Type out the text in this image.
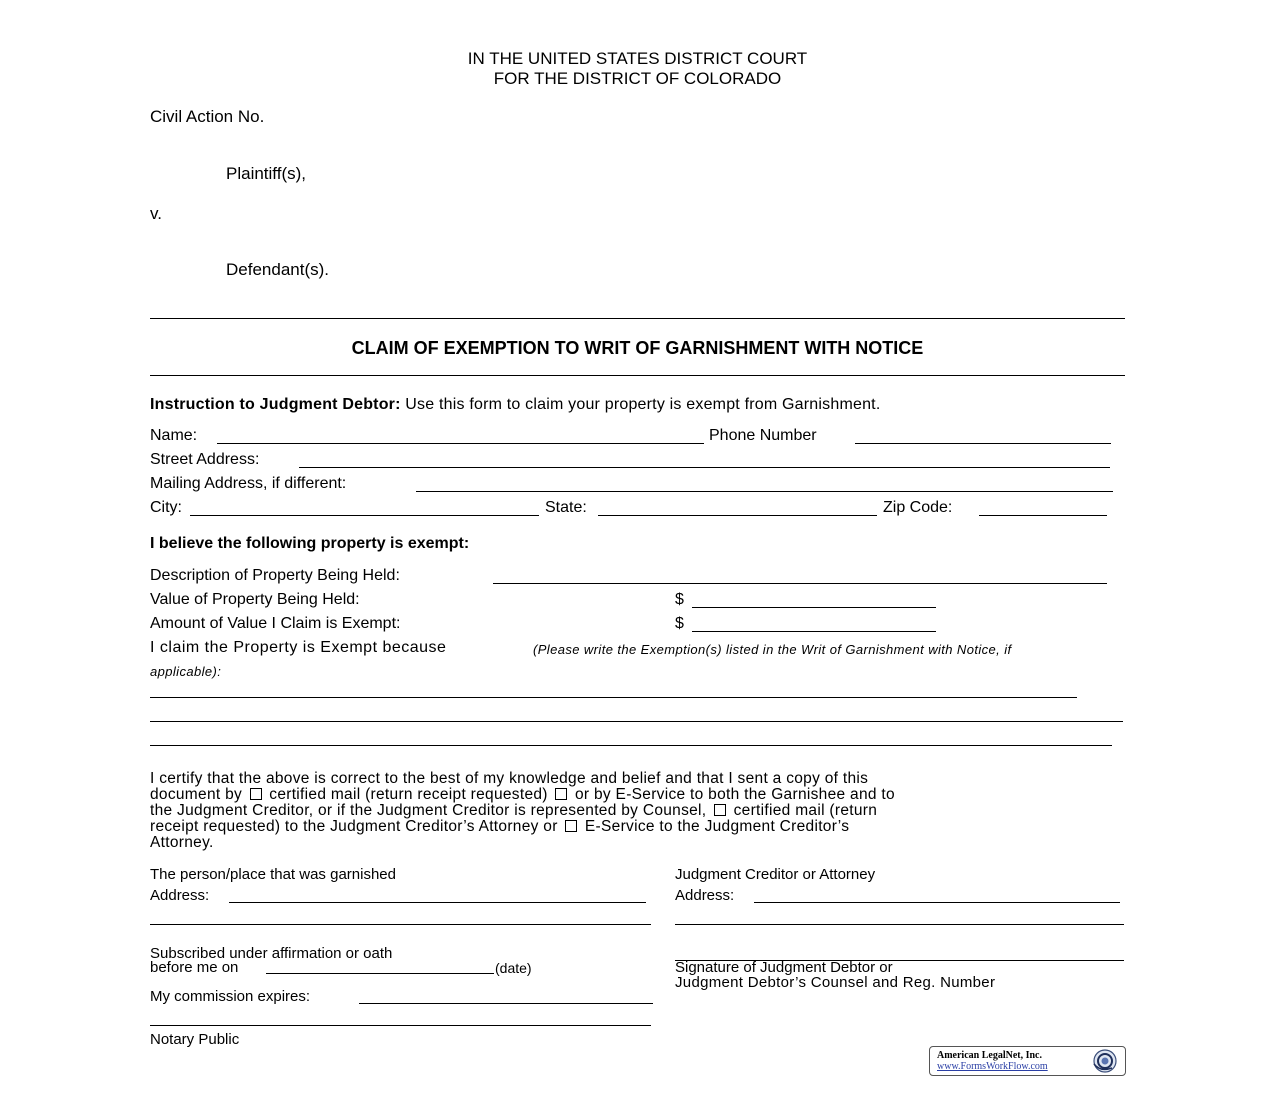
IN THE UNITED STATES DISTRICT COURT
FOR THE DISTRICT OF COLORADO
Civil Action No.
Plaintiff(s),
v.
Defendant(s).
CLAIM OF EXEMPTION TO WRIT OF GARNISHMENT WITH NOTICE
Instruction to Judgment Debtor: Use this form to claim your property is exempt from Garnishment.
Name:	Phone Number
Street Address:
Mailing Address, if different:
City:	State:	Zip Code:
I believe the following property is exempt:
Description of Property Being Held:
Value of Property Being Held:	$
Amount of Value I Claim is Exempt:	$
I claim the Property is Exempt because	(Please write the Exemption(s) listed in the Writ of Garnishment with Notice, if
applicable):
I certify that the above is correct to the best of my knowledge and belief and that I sent a copy of this
document by certified mail (return receipt requested) or by E-Service to both the Garnishee and to
the Judgment Creditor, or if the Judgment Creditor is represented by Counsel, certified mail (return
receipt requested) to the Judgment Creditor’s Attorney or E-Service to the Judgment Creditor’s
Attorney.
The person/place that was garnished
Address:
Subscribed under affirmation or oath
before me on	(date)
My commission expires:
Notary Public
Judgment Creditor or Attorney
Address:
Signature of Judgment Debtor or
Judgment Debtor’s Counsel and Reg. Number
American LegalNet, Inc.
www.FormsWorkFlow.com
